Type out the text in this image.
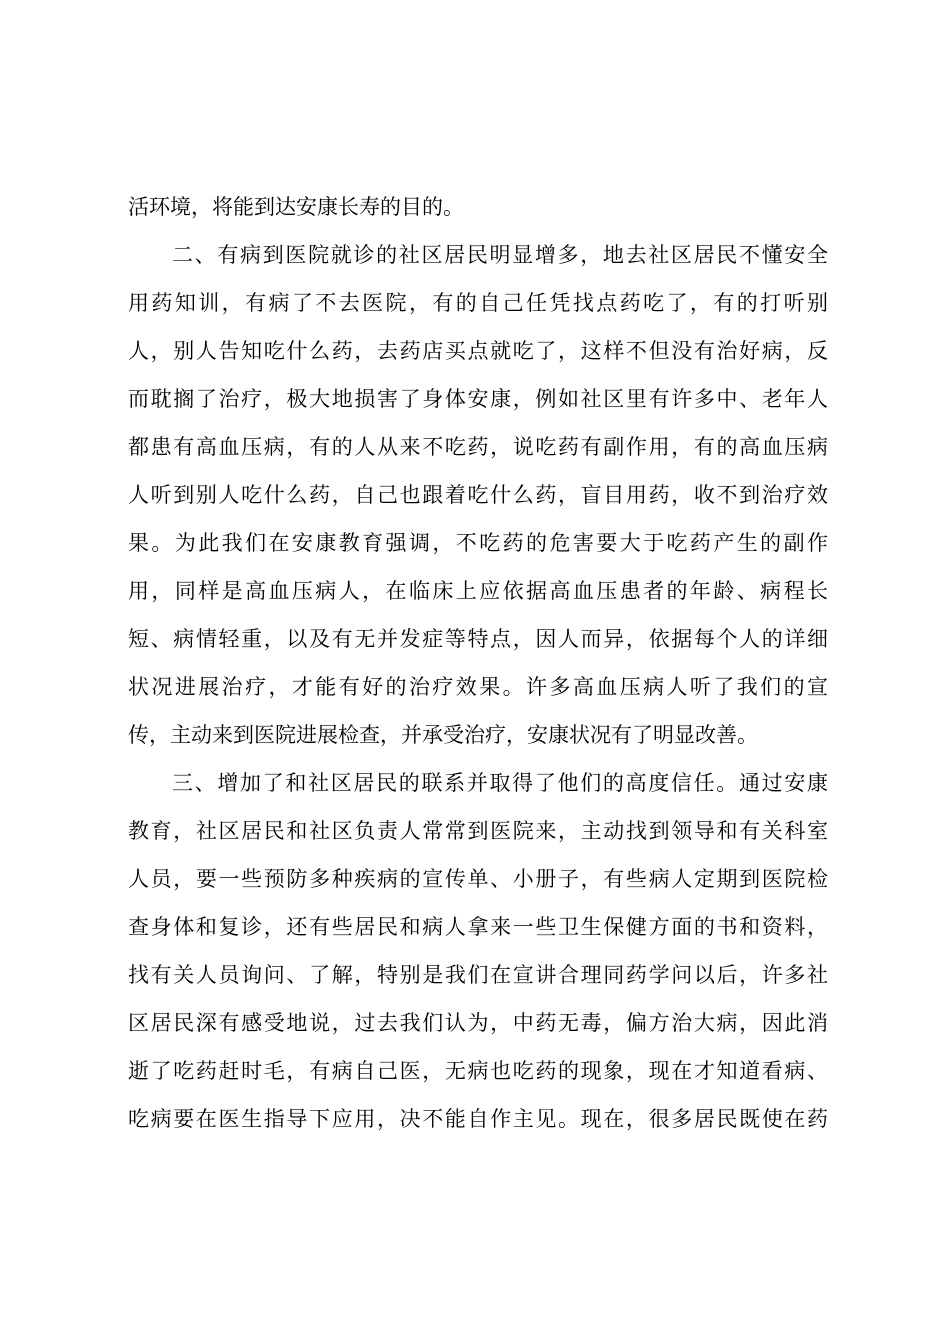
活环境，将能到达安康长寿的目的。
二、有病到医院就诊的社区居民明显增多，地去社区居民不懂安全
用药知训，有病了不去医院，有的自己任凭找点药吃了，有的打听别
人，别人告知吃什么药，去药店买点就吃了，这样不但没有治好病，反
而耽搁了治疗，极大地损害了身体安康，例如社区里有许多中、老年人
都患有高血压病，有的人从来不吃药，说吃药有副作用，有的高血压病
人听到别人吃什么药，自己也跟着吃什么药，盲目用药，收不到治疗效
果。为此我们在安康教育强调，不吃药的危害要大于吃药产生的副作
用，同样是高血压病人，在临床上应依据高血压患者的年龄、病程长
短、病情轻重，以及有无并发症等特点，因人而异，依据每个人的详细
状况进展治疗，才能有好的治疗效果。许多高血压病人听了我们的宣
传，主动来到医院进展检查，并承受治疗，安康状况有了明显改善。
三、增加了和社区居民的联系并取得了他们的高度信任。通过安康
教育，社区居民和社区负责人常常到医院来，主动找到领导和有关科室
人员，要一些预防多种疾病的宣传单、小册子，有些病人定期到医院检
查身体和复诊，还有些居民和病人拿来一些卫生保健方面的书和资料，
找有关人员询问、了解，特别是我们在宣讲合理同药学问以后，许多社
区居民深有感受地说，过去我们认为，中药无毒，偏方治大病，因此消
逝了吃药赶时毛，有病自己医，无病也吃药的现象，现在才知道看病、
吃病要在医生指导下应用，决不能自作主见。现在，很多居民既使在药
